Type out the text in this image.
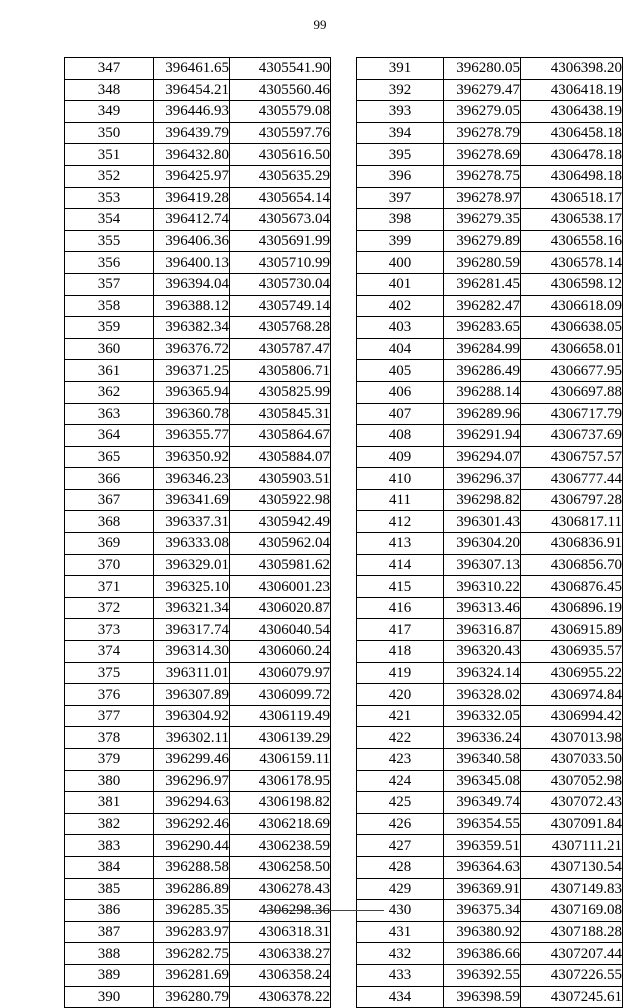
99
347	396461.65	4305541.90
348	396454.21	4305560.46
349	396446.93	4305579.08
350	396439.79	4305597.76
351	396432.80	4305616.50
352	396425.97	4305635.29
353	396419.28	4305654.14
354	396412.74	4305673.04
355	396406.36	4305691.99
356	396400.13	4305710.99
357	396394.04	4305730.04
358	396388.12	4305749.14
359	396382.34	4305768.28
360	396376.72	4305787.47
361	396371.25	4305806.71
362	396365.94	4305825.99
363	396360.78	4305845.31
364	396355.77	4305864.67
365	396350.92	4305884.07
366	396346.23	4305903.51
367	396341.69	4305922.98
368	396337.31	4305942.49
369	396333.08	4305962.04
370	396329.01	4305981.62
371	396325.10	4306001.23
372	396321.34	4306020.87
373	396317.74	4306040.54
374	396314.30	4306060.24
375	396311.01	4306079.97
376	396307.89	4306099.72
377	396304.92	4306119.49
378	396302.11	4306139.29
379	396299.46	4306159.11
380	396296.97	4306178.95
381	396294.63	4306198.82
382	396292.46	4306218.69
383	396290.44	4306238.59
384	396288.58	4306258.50
385	396286.89	4306278.43
386	396285.35	4306298.36
387	396283.97	4306318.31
388	396282.75	4306338.27
389	396281.69	4306358.24
390	396280.79	4306378.22
391	396280.05	4306398.20
392	396279.47	4306418.19
393	396279.05	4306438.19
394	396278.79	4306458.18
395	396278.69	4306478.18
396	396278.75	4306498.18
397	396278.97	4306518.17
398	396279.35	4306538.17
399	396279.89	4306558.16
400	396280.59	4306578.14
401	396281.45	4306598.12
402	396282.47	4306618.09
403	396283.65	4306638.05
404	396284.99	4306658.01
405	396286.49	4306677.95
406	396288.14	4306697.88
407	396289.96	4306717.79
408	396291.94	4306737.69
409	396294.07	4306757.57
410	396296.37	4306777.44
411	396298.82	4306797.28
412	396301.43	4306817.11
413	396304.20	4306836.91
414	396307.13	4306856.70
415	396310.22	4306876.45
416	396313.46	4306896.19
417	396316.87	4306915.89
418	396320.43	4306935.57
419	396324.14	4306955.22
420	396328.02	4306974.84
421	396332.05	4306994.42
422	396336.24	4307013.98
423	396340.58	4307033.50
424	396345.08	4307052.98
425	396349.74	4307072.43
426	396354.55	4307091.84
427	396359.51	4307111.21
428	396364.63	4307130.54
429	396369.91	4307149.83
430	396375.34	4307169.08
431	396380.92	4307188.28
432	396386.66	4307207.44
433	396392.55	4307226.55
434	396398.59	4307245.61
